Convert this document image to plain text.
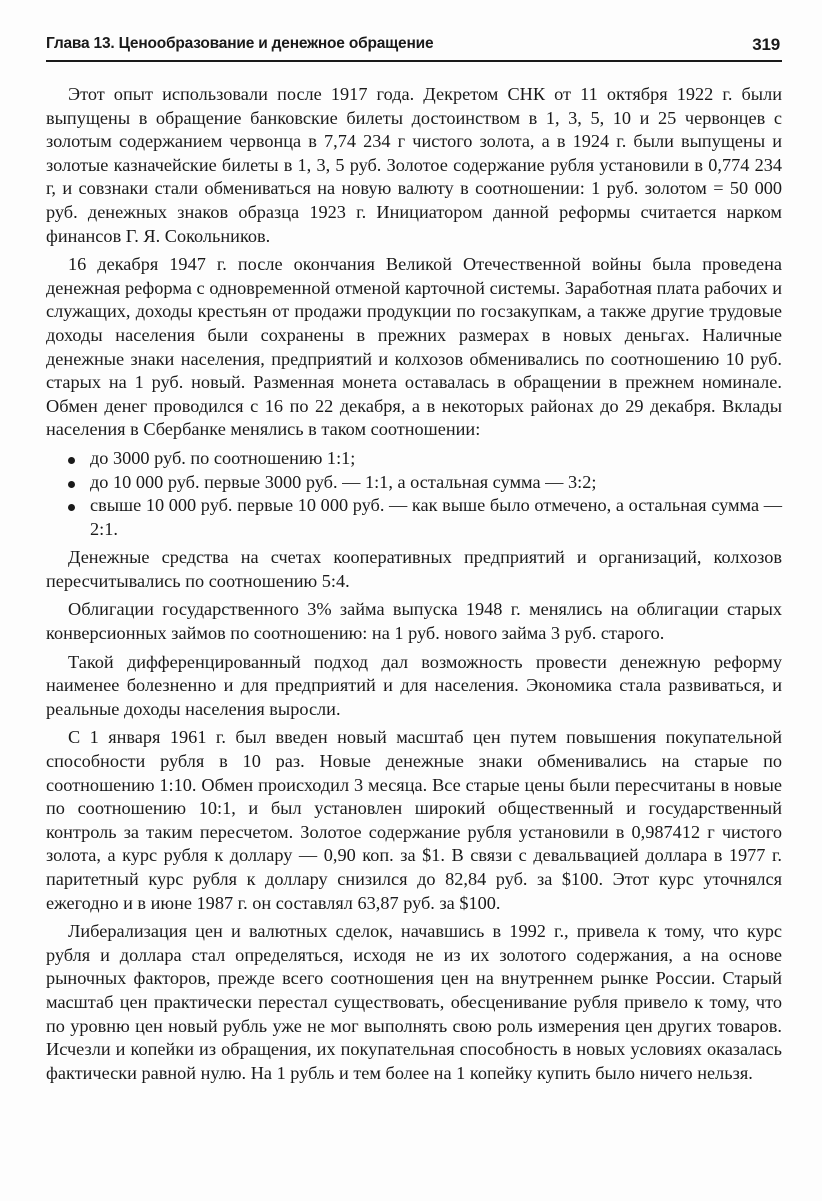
Глава 13. Ценообразование и денежное обращение	319

Этот опыт использовали после 1917 года. Декретом СНК от 11 октября 1922 г. были выпущены в обращение банковские билеты достоинством в 1, 3, 5, 10 и 25 червонцев с золотым содержанием червонца в 7,74 234 г чистого золота, а в 1924 г. были выпущены и золотые казначейские билеты в 1, 3, 5 руб. Золотое содержание рубля установили в 0,774 234 г, и совзнаки стали обмениваться на новую валюту в соотношении: 1 руб. золотом = 50 000 руб. денежных знаков образца 1923 г. Инициатором данной реформы считается нарком финансов Г. Я. Сокольников.

16 декабря 1947 г. после окончания Великой Отечественной войны была проведена денежная реформа с одновременной отменой карточной системы. Заработная плата рабочих и служащих, доходы крестьян от продажи продукции по госзакупкам, а также другие трудовые доходы населения были сохранены в прежних размерах в новых деньгах. Наличные денежные знаки населения, предприятий и колхозов обменивались по соотношению 10 руб. старых на 1 руб. новый. Разменная монета оставалась в обращении в прежнем номинале. Обмен денег проводился с 16 по 22 декабря, а в некоторых районах до 29 декабря. Вклады населения в Сбербанке менялись в таком соотношении:

до 3000 руб. по соотношению 1:1;
до 10 000 руб. первые 3000 руб. — 1:1, а остальная сумма — 3:2;
свыше 10 000 руб. первые 10 000 руб. — как выше было отмечено, а остальная сумма — 2:1.

Денежные средства на счетах кооперативных предприятий и организаций, колхозов пересчитывались по соотношению 5:4.

Облигации государственного 3% займа выпуска 1948 г. менялись на облигации старых конверсионных займов по соотношению: на 1 руб. нового займа 3 руб. старого.

Такой дифференцированный подход дал возможность провести денежную реформу наименее болезненно и для предприятий и для населения. Экономика стала развиваться, и реальные доходы населения выросли.

С 1 января 1961 г. был введен новый масштаб цен путем повышения покупательной способности рубля в 10 раз. Новые денежные знаки обменивались на старые по соотношению 1:10. Обмен происходил 3 месяца. Все старые цены были пересчитаны в новые по соотношению 10:1, и был установлен широкий общественный и государственный контроль за таким пересчетом. Золотое содержание рубля установили в 0,987412 г чистого золота, а курс рубля к доллару — 0,90 коп. за $1. В связи с девальвацией доллара в 1977 г. паритетный курс рубля к доллару снизился до 82,84 руб. за $100. Этот курс уточнялся ежегодно и в июне 1987 г. он составлял 63,87 руб. за $100.

Либерализация цен и валютных сделок, начавшись в 1992 г., привела к тому, что курс рубля и доллара стал определяться, исходя не из их золотого содержания, а на основе рыночных факторов, прежде всего соотношения цен на внутреннем рынке России. Старый масштаб цен практически перестал существовать, обесценивание рубля привело к тому, что по уровню цен новый рубль уже не мог выполнять свою роль измерения цен других товаров. Исчезли и копейки из обращения, их покупательная способность в новых условиях оказалась фактически равной нулю. На 1 рубль и тем более на 1 копейку купить было ничего нельзя.
